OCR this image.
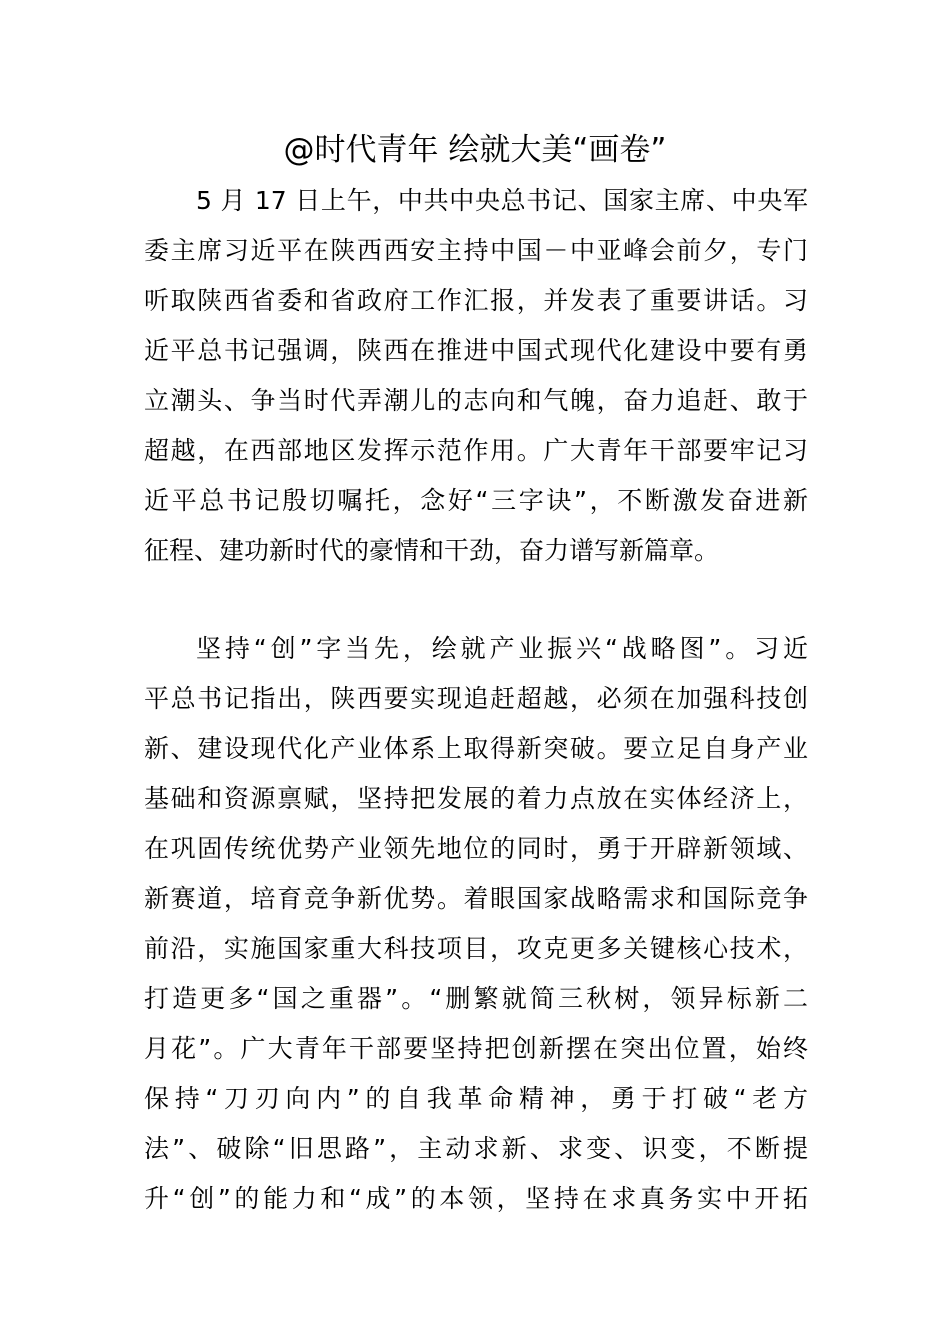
@时代青年 绘就大美“画卷”
5 月 17 日上午，中共中央总书记、国家主席、中央军
委主席习近平在陕西西安主持中国－中亚峰会前夕，专门
听取陕西省委和省政府工作汇报，并发表了重要讲话。习
近平总书记强调，陕西在推进中国式现代化建设中要有勇
立潮头、争当时代弄潮儿的志向和气魄，奋力追赶、敢于
超越，在西部地区发挥示范作用。广大青年干部要牢记习
近平总书记殷切嘱托，念好“三字诀”，不断激发奋进新
征程、建功新时代的豪情和干劲，奋力谱写新篇章。
坚持“创”字当先，绘就产业振兴“战略图”。习近
平总书记指出，陕西要实现追赶超越，必须在加强科技创
新、建设现代化产业体系上取得新突破。要立足自身产业
基础和资源禀赋，坚持把发展的着力点放在实体经济上，
在巩固传统优势产业领先地位的同时，勇于开辟新领域、
新赛道，培育竞争新优势。着眼国家战略需求和国际竞争
前沿，实施国家重大科技项目，攻克更多关键核心技术，
打造更多“国之重器”。“删繁就简三秋树，领异标新二
月花”。广大青年干部要坚持把创新摆在突出位置，始终
保持“刀刃向内”的自我革命精神，勇于打破“老方
法”、破除“旧思路”，主动求新、求变、识变，不断提
升“创”的能力和“成”的本领，坚持在求真务实中开拓
